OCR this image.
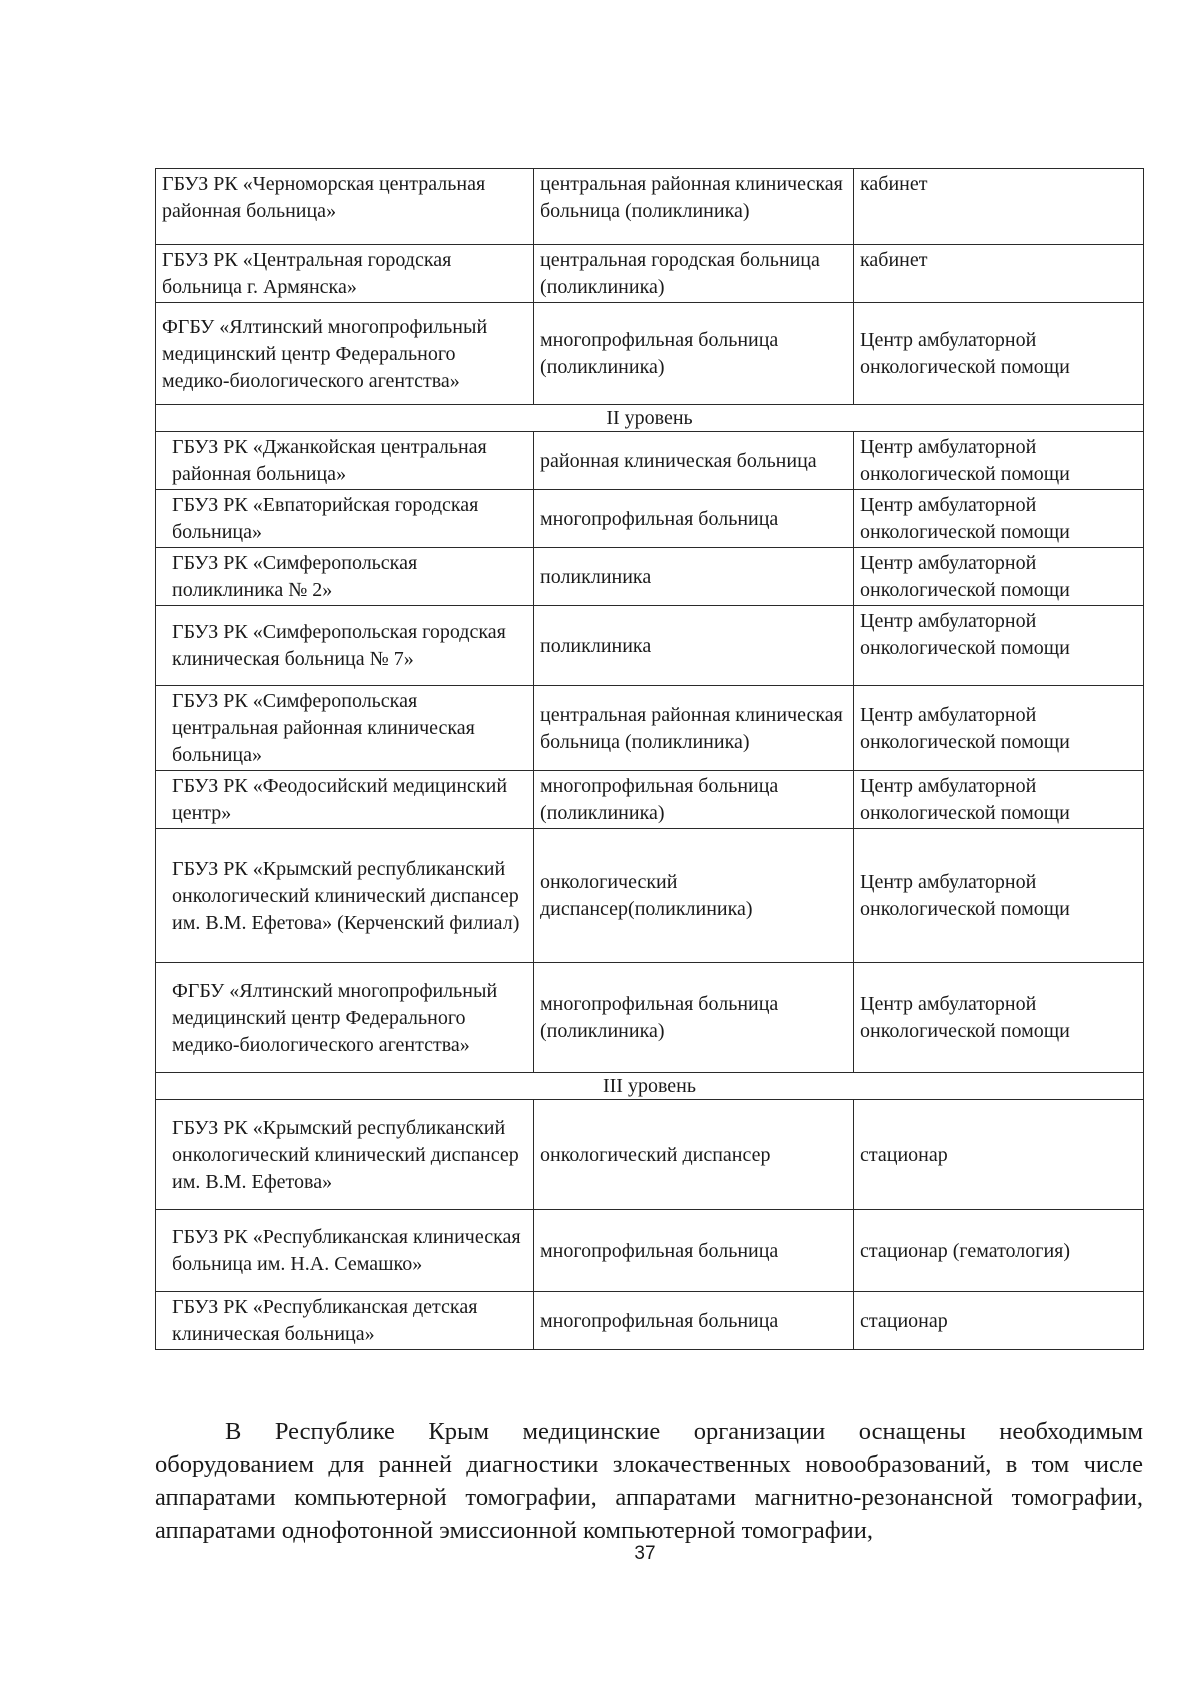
ГБУЗ РК «Черноморская центральная районная больница»	центральная районная клиническая больница (поликлиника)	кабинет
ГБУЗ РК «Центральная городская больница г. Армянска»	центральная городская больница (поликлиника)	кабинет
ФГБУ «Ялтинский многопрофильный медицинский центр Федерального медико-биологического агентства»	многопрофильная больница (поликлиника)	Центр амбулаторной онкологической помощи
II уровень		
ГБУЗ РК «Джанкойская центральная районная больница»	районная клиническая больница	Центр амбулаторной онкологической помощи
ГБУЗ РК «Евпаторийская городская больница»	многопрофильная больница	Центр амбулаторной онкологической помощи
ГБУЗ РК «Симферопольская поликлиника № 2»	поликлиника	Центр амбулаторной онкологической помощи
ГБУЗ РК «Симферопольская городская клиническая больница № 7»	поликлиника	Центр амбулаторной онкологической помощи
ГБУЗ РК «Симферопольская центральная районная клиническая больница»	центральная районная клиническая больница (поликлиника)	Центр амбулаторной онкологической помощи
ГБУЗ РК «Феодосийский медицинский центр»	многопрофильная больница (поликлиника)	Центр амбулаторной онкологической помощи
ГБУЗ РК «Крымский республиканский онкологический клинический диспансер им. В.М. Ефетова» (Керченский филиал)	онкологический диспансер(поликлиника)	Центр амбулаторной онкологической помощи
ФГБУ «Ялтинский многопрофильный медицинский центр Федерального медико-биологического агентства»	многопрофильная больница (поликлиника)	Центр амбулаторной онкологической помощи
III уровень		
ГБУЗ РК «Крымский республиканский онкологический клинический диспансер им. В.М. Ефетова»	онкологический диспансер	стационар
ГБУЗ РК «Республиканская клиническая больница им. Н.А. Семашко»	многопрофильная больница	стационар (гематология)
ГБУЗ РК «Республиканская детская клиническая больница»	многопрофильная больница	стационар
В Республике Крым медицинские организации оснащены необходимым оборудованием для ранней диагностики злокачественных новообразований, в том числе аппаратами компьютерной томографии, аппаратами магнитно-резонансной томографии, аппаратами однофотонной эмиссионной компьютерной томографии,
37
